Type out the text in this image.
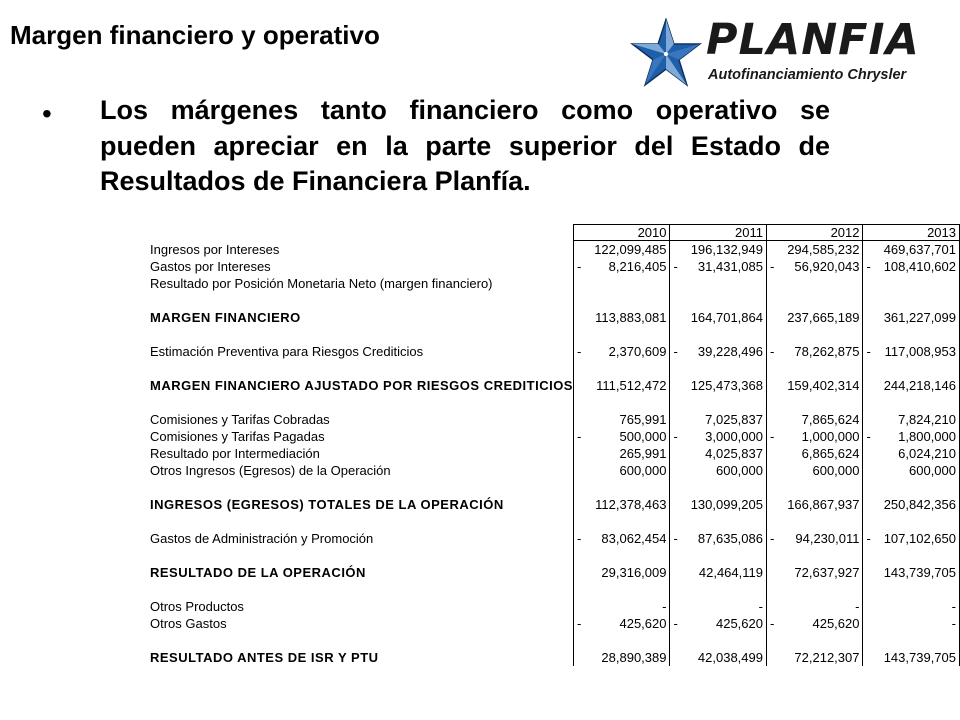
Margen financiero y operativo	PLANFIA
Autofinanciamiento Chrysler
• Los márgenes tanto financiero como operativo se pueden apreciar en la parte superior del Estado de Resultados de Financiera Planfía.
	2010	2011	2012	2013
Ingresos por Intereses	122,099,485	196,132,949	294,585,232	469,637,701
Gastos por Intereses	- 8,216,405	- 31,431,085	- 56,920,043	- 108,410,602
Resultado por Posición Monetaria Neto (margen financiero)				

MARGEN FINANCIERO	113,883,081	164,701,864	237,665,189	361,227,099

Estimación Preventiva para Riesgos Crediticios	- 2,370,609	- 39,228,496	- 78,262,875	- 117,008,953

MARGEN FINANCIERO AJUSTADO POR RIESGOS CREDITICIOS	111,512,472	125,473,368	159,402,314	244,218,146

Comisiones y Tarifas Cobradas	765,991	7,025,837	7,865,624	7,824,210
Comisiones y Tarifas Pagadas	- 500,000	- 3,000,000	- 1,000,000	- 1,800,000
Resultado por Intermediación	265,991	4,025,837	6,865,624	6,024,210
Otros Ingresos (Egresos) de la Operación	600,000	600,000	600,000	600,000

INGRESOS (EGRESOS) TOTALES DE LA OPERACIÓN	112,378,463	130,099,205	166,867,937	250,842,356

Gastos de Administración y Promoción	- 83,062,454	- 87,635,086	- 94,230,011	- 107,102,650

RESULTADO DE LA OPERACIÓN	29,316,009	42,464,119	72,637,927	143,739,705

Otros Productos	-	-	-	-
Otros Gastos	- 425,620	- 425,620	- 425,620	-

RESULTADO ANTES DE ISR Y PTU	28,890,389	42,038,499	72,212,307	143,739,705
